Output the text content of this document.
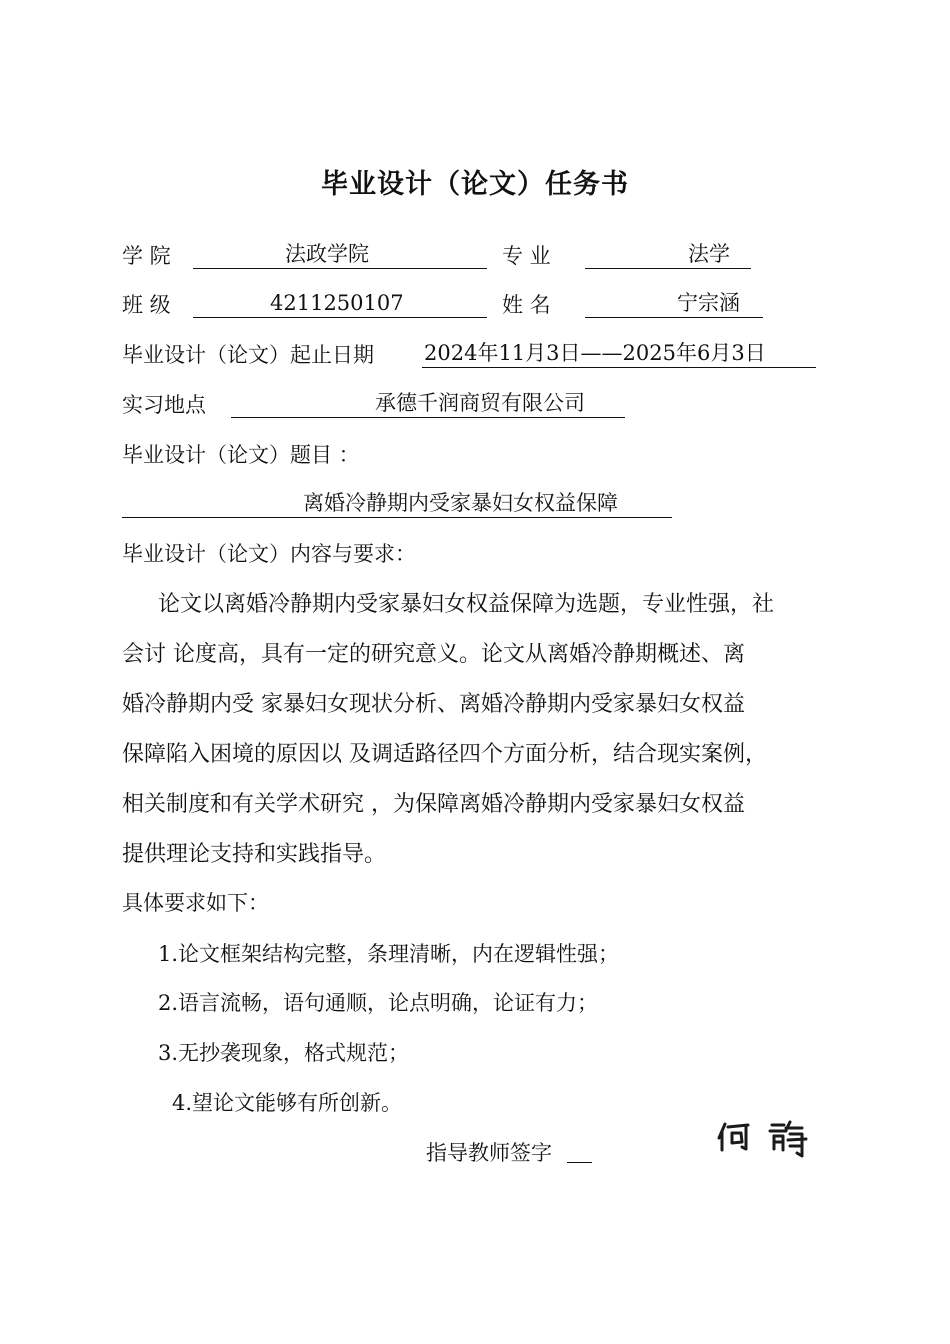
毕业设计（论文）任务书
学 院	法政学院	专 业	法学
班 级	4211250107	姓 名	宁宗涵
毕业设计（论文）起止日期 2024年11月3日——2025年6月3日
实习地点	承德千润商贸有限公司
毕业设计（论文）题目 ：
离婚冷静期内受家暴妇女权益保障
毕业设计（论文）内容与要求：
论文以离婚冷静期内受家暴妇女权益保障为选题，专业性强，社
会讨 论度高，具有一定的研究意义。论文从离婚冷静期概述、离
婚冷静期内受 家暴妇女现状分析、离婚冷静期内受家暴妇女权益
保障陷入困境的原因以 及调适路径四个方面分析，结合现实案例，
相关制度和有关学术研究 ，为保障离婚冷静期内受家暴妇女权益
提供理论支持和实践指导。
具体要求如下：
1.论文框架结构完整，条理清晰，内在逻辑性强；
2.语言流畅，语句通顺，论点明确，论证有力；
3.无抄袭现象，格式规范；
4.望论文能够有所创新。
指导教师签字
